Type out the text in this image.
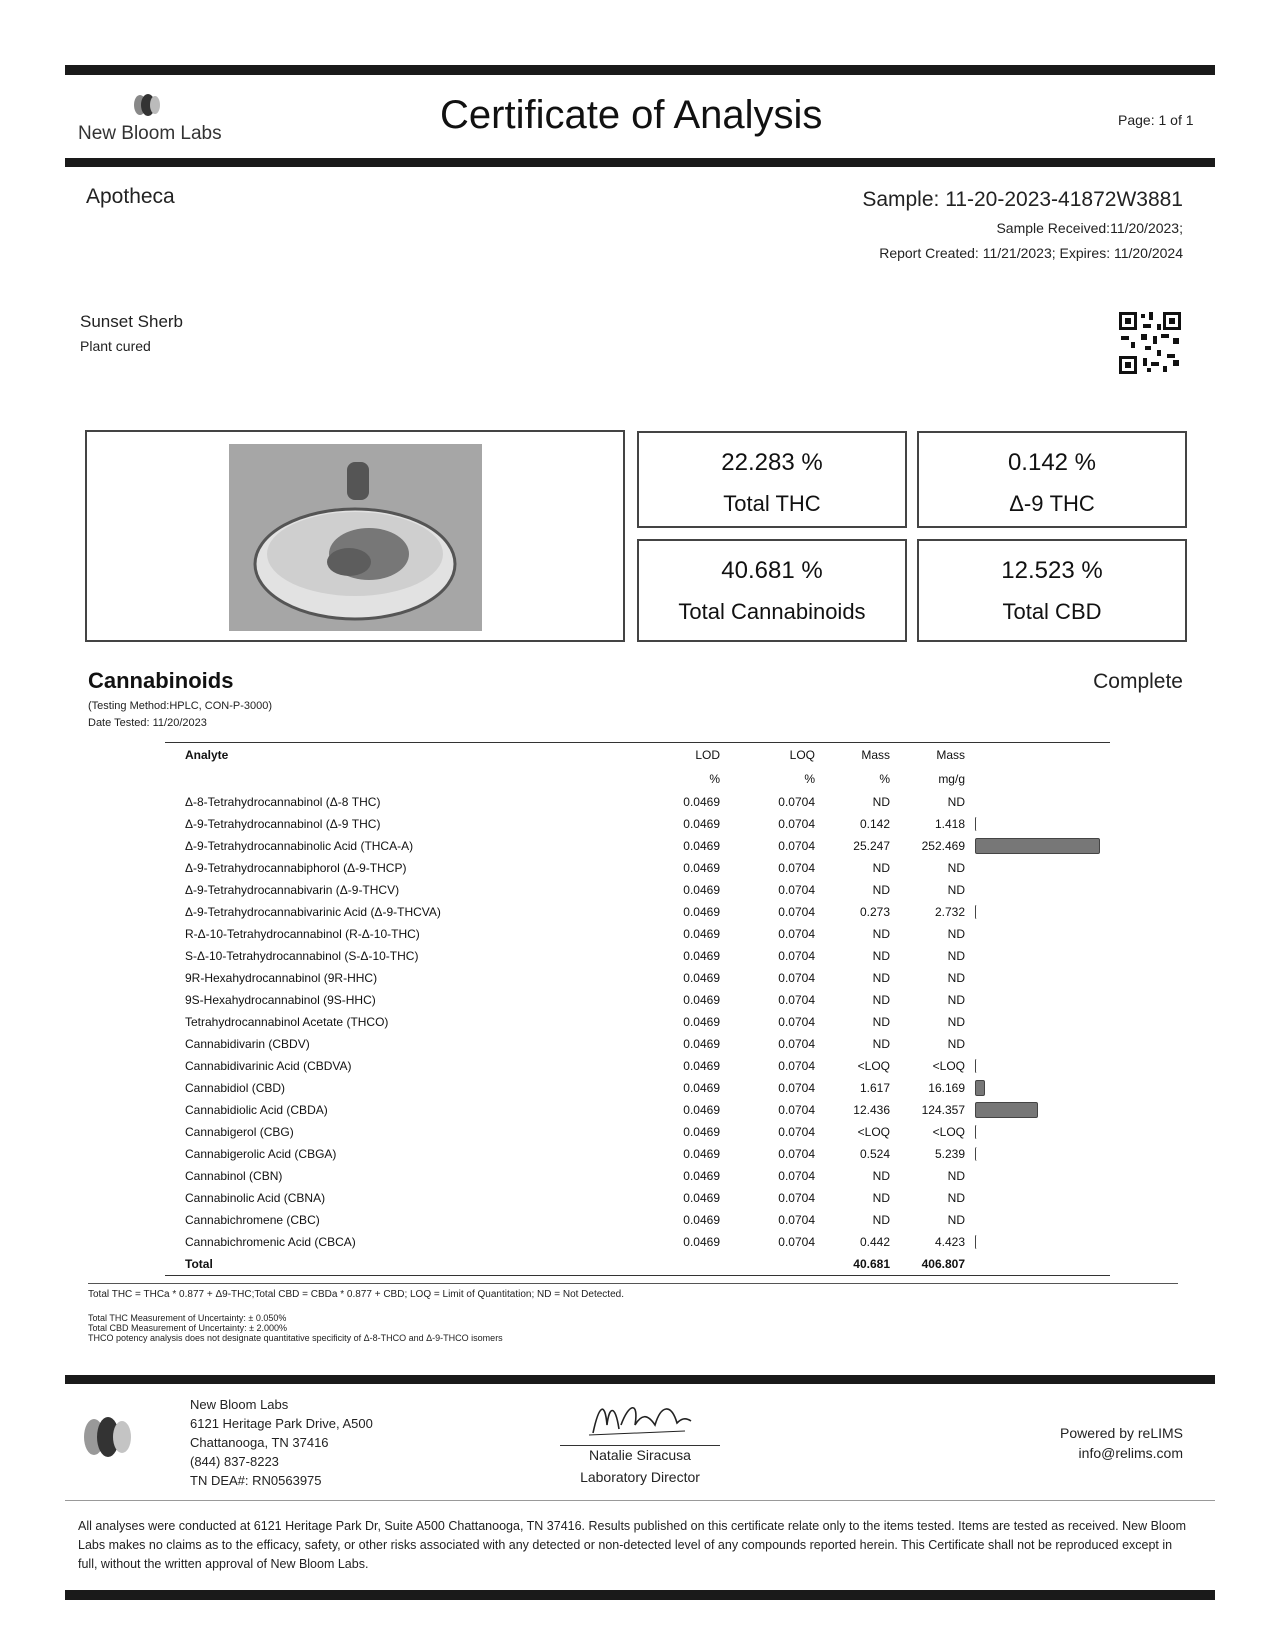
New Bloom Labs	Certificate of Analysis	Page: 1 of 1
Apotheca	Sample: 11-20-2023-41872W3881
Sample Received:11/20/2023;
Report Created: 11/21/2023; Expires: 11/20/2024
Sunset Sherb
Plant cured
22.283 %
Total THC
0.142 %
Δ-9 THC
40.681 %
Total Cannabinoids
12.523 %
Total CBD
Cannabinoids	Complete
(Testing Method:HPLC, CON-P-3000)
Date Tested: 11/20/2023
Analyte	LOD	LOQ	Mass	Mass	
	%	%	%	mg/g	
Δ-8-Tetrahydrocannabinol (Δ-8 THC)	0.0469	0.0704	ND	ND	
Δ-9-Tetrahydrocannabinol (Δ-9 THC)	0.0469	0.0704	0.142	1.418	
Δ-9-Tetrahydrocannabinolic Acid (THCA-A)	0.0469	0.0704	25.247	252.469	
Δ-9-Tetrahydrocannabiphorol (Δ-9-THCP)	0.0469	0.0704	ND	ND	
Δ-9-Tetrahydrocannabivarin (Δ-9-THCV)	0.0469	0.0704	ND	ND	
Δ-9-Tetrahydrocannabivarinic Acid (Δ-9-THCVA)	0.0469	0.0704	0.273	2.732	
R-Δ-10-Tetrahydrocannabinol (R-Δ-10-THC)	0.0469	0.0704	ND	ND	
S-Δ-10-Tetrahydrocannabinol (S-Δ-10-THC)	0.0469	0.0704	ND	ND	
9R-Hexahydrocannabinol (9R-HHC)	0.0469	0.0704	ND	ND	
9S-Hexahydrocannabinol (9S-HHC)	0.0469	0.0704	ND	ND	
Tetrahydrocannabinol Acetate (THCO)	0.0469	0.0704	ND	ND	
Cannabidivarin (CBDV)	0.0469	0.0704	ND	ND	
Cannabidivarinic Acid (CBDVA)	0.0469	0.0704	<LOQ	<LOQ	
Cannabidiol (CBD)	0.0469	0.0704	1.617	16.169	
Cannabidiolic Acid (CBDA)	0.0469	0.0704	12.436	124.357	
Cannabigerol (CBG)	0.0469	0.0704	<LOQ	<LOQ	
Cannabigerolic Acid (CBGA)	0.0469	0.0704	0.524	5.239	
Cannabinol (CBN)	0.0469	0.0704	ND	ND	
Cannabinolic Acid (CBNA)	0.0469	0.0704	ND	ND	
Cannabichromene (CBC)	0.0469	0.0704	ND	ND	
Cannabichromenic Acid (CBCA)	0.0469	0.0704	0.442	4.423	
Total			40.681	406.807	
Total THC = THCa * 0.877 + Δ9-THC;Total CBD = CBDa * 0.877 + CBD; LOQ = Limit of Quantitation; ND = Not Detected.
Total THC Measurement of Uncertainty: ± 0.050%
Total CBD Measurement of Uncertainty: ± 2.000%
THCO potency analysis does not designate quantitative specificity of Δ-8-THCO and Δ-9-THCO isomers
New Bloom Labs
6121 Heritage Park Drive, A500
Chattanooga, TN 37416
(844) 837-8223
TN DEA#: RN0563975
Natalie Siracusa
Laboratory Director
Powered by reLIMS
info@relims.com
All analyses were conducted at 6121 Heritage Park Dr, Suite A500 Chattanooga, TN 37416. Results published on this certificate relate only to the items tested. Items are tested as received. New Bloom Labs makes no claims as to the efficacy, safety, or other risks associated with any detected or non-detected level of any compounds reported herein. This Certificate shall not be reproduced except in full, without the written approval of New Bloom Labs.
